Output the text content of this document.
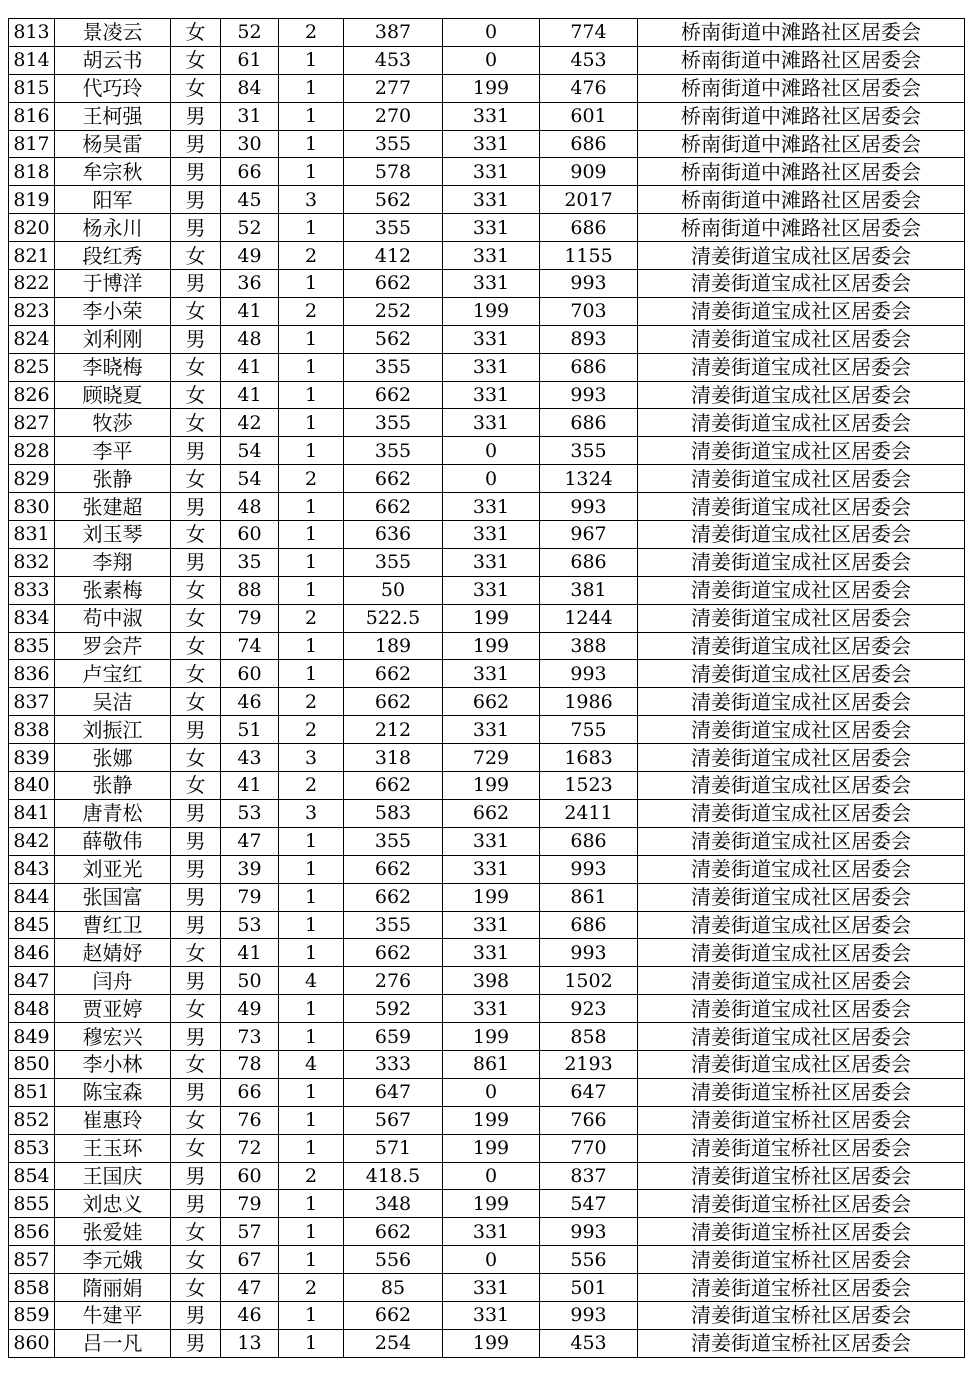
813	景凌云	女	52	2	387	0	774	桥南街道中滩路社区居委会
814	胡云书	女	61	1	453	0	453	桥南街道中滩路社区居委会
815	代巧玲	女	84	1	277	199	476	桥南街道中滩路社区居委会
816	王柯强	男	31	1	270	331	601	桥南街道中滩路社区居委会
817	杨昊雷	男	30	1	355	331	686	桥南街道中滩路社区居委会
818	牟宗秋	男	66	1	578	331	909	桥南街道中滩路社区居委会
819	阳军	男	45	3	562	331	2017	桥南街道中滩路社区居委会
820	杨永川	男	52	1	355	331	686	桥南街道中滩路社区居委会
821	段红秀	女	49	2	412	331	1155	清姜街道宝成社区居委会
822	于博洋	男	36	1	662	331	993	清姜街道宝成社区居委会
823	李小荣	女	41	2	252	199	703	清姜街道宝成社区居委会
824	刘利刚	男	48	1	562	331	893	清姜街道宝成社区居委会
825	李晓梅	女	41	1	355	331	686	清姜街道宝成社区居委会
826	顾晓夏	女	41	1	662	331	993	清姜街道宝成社区居委会
827	牧莎	女	42	1	355	331	686	清姜街道宝成社区居委会
828	李平	男	54	1	355	0	355	清姜街道宝成社区居委会
829	张静	女	54	2	662	0	1324	清姜街道宝成社区居委会
830	张建超	男	48	1	662	331	993	清姜街道宝成社区居委会
831	刘玉琴	女	60	1	636	331	967	清姜街道宝成社区居委会
832	李翔	男	35	1	355	331	686	清姜街道宝成社区居委会
833	张素梅	女	88	1	50	331	381	清姜街道宝成社区居委会
834	苟中淑	女	79	2	522.5	199	1244	清姜街道宝成社区居委会
835	罗会芹	女	74	1	189	199	388	清姜街道宝成社区居委会
836	卢宝红	女	60	1	662	331	993	清姜街道宝成社区居委会
837	吴洁	女	46	2	662	662	1986	清姜街道宝成社区居委会
838	刘振江	男	51	2	212	331	755	清姜街道宝成社区居委会
839	张娜	女	43	3	318	729	1683	清姜街道宝成社区居委会
840	张静	女	41	2	662	199	1523	清姜街道宝成社区居委会
841	唐青松	男	53	3	583	662	2411	清姜街道宝成社区居委会
842	薛敬伟	男	47	1	355	331	686	清姜街道宝成社区居委会
843	刘亚光	男	39	1	662	331	993	清姜街道宝成社区居委会
844	张国富	男	79	1	662	199	861	清姜街道宝成社区居委会
845	曹红卫	男	53	1	355	331	686	清姜街道宝成社区居委会
846	赵婧妤	女	41	1	662	331	993	清姜街道宝成社区居委会
847	闫舟	男	50	4	276	398	1502	清姜街道宝成社区居委会
848	贾亚婷	女	49	1	592	331	923	清姜街道宝成社区居委会
849	穆宏兴	男	73	1	659	199	858	清姜街道宝成社区居委会
850	李小林	女	78	4	333	861	2193	清姜街道宝成社区居委会
851	陈宝森	男	66	1	647	0	647	清姜街道宝桥社区居委会
852	崔惠玲	女	76	1	567	199	766	清姜街道宝桥社区居委会
853	王玉环	女	72	1	571	199	770	清姜街道宝桥社区居委会
854	王国庆	男	60	2	418.5	0	837	清姜街道宝桥社区居委会
855	刘忠义	男	79	1	348	199	547	清姜街道宝桥社区居委会
856	张爱娃	女	57	1	662	331	993	清姜街道宝桥社区居委会
857	李元娥	女	67	1	556	0	556	清姜街道宝桥社区居委会
858	隋丽娟	女	47	2	85	331	501	清姜街道宝桥社区居委会
859	牛建平	男	46	1	662	331	993	清姜街道宝桥社区居委会
860	吕一凡	男	13	1	254	199	453	清姜街道宝桥社区居委会
